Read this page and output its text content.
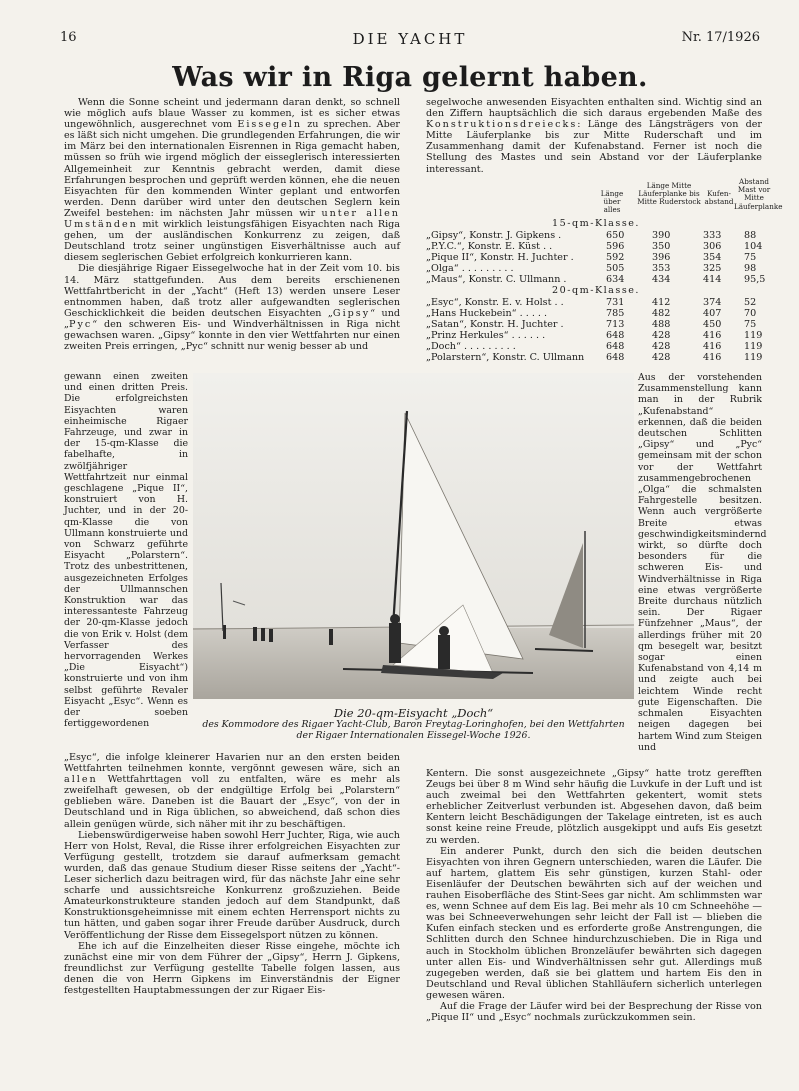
16	DIE YACHT	Nr. 17/1926
Was wir in Riga gelernt haben.

Wenn die Sonne scheint und jedermann daran denkt, so schnell wie möglich aufs blaue Wasser zu kommen, ist es sicher etwas ungewöhnlich, ausgerechnet vom Eissegeln zu sprechen. Aber es läßt sich nicht umgehen. Die grundlegenden Erfahrungen, die wir im März bei den internationalen Eisrennen in Riga gemacht haben, müssen so früh wie irgend möglich der eisseglerisch interessierten Allgemeinheit zur Kenntnis gebracht werden, damit diese Erfahrungen besprochen und geprüft werden können, ehe die neuen Eisyachten für den kommenden Winter geplant und entworfen werden. Denn darüber wird unter den deutschen Seglern kein Zweifel bestehen: im nächsten Jahr müssen wir unter allen Umständen mit wirklich leistungsfähigen Eisyachten nach Riga gehen, um der ausländischen Konkurrenz zu zeigen, daß Deutschland trotz seiner ungünstigen Eisverhältnisse auch auf diesem seglerischen Gebiet erfolgreich konkurrieren kann.

Die diesjährige Rigaer Eissegelwoche hat in der Zeit vom 10. bis 14. März stattgefunden. Aus dem bereits erschienenen Wettfahrtbericht in der „Yacht“ (Heft 13) werden unsere Leser entnommen haben, daß trotz aller aufgewandten seglerischen Geschicklichkeit die beiden deutschen Eisyachten „Gipsy“ und „Pyc“ den schweren Eis- und Windverhältnissen in Riga nicht gewachsen waren. „Gipsy“ konnte in den vier Wettfahrten nur einen zweiten Preis erringen, „Pyc“ schnitt nur wenig besser ab und

gewann einen zweiten und einen dritten Preis. Die erfolgreichsten Eisyachten waren einheimische Rigaer Fahrzeuge, und zwar in der 15-qm-Klasse die fabelhafte, in zwölfjähriger Wettfahrtzeit nur einmal geschlagene „Pique II“, konstruiert von H. Juchter, und in der 20-qm-Klasse die von Ullmann konstruierte und von Schwarz geführte Eisyacht „Polarstern“. Trotz des unbestrittenen, ausgezeichneten Erfolges der Ullmannschen Konstruktion war das interessanteste Fahrzeug der 20-qm-Klasse jedoch die von Erik v. Holst (dem Verfasser des hervorragenden Werkes „Die Eisyacht“) konstruierte und von ihm selbst geführte Revaler Eisyacht „Esyc“. Wenn es der soeben fertiggewordenen

segelwoche anwesenden Eisyachten enthalten sind. Wichtig sind an den Ziffern hauptsächlich die sich daraus ergebenden Maße des Konstruktionsdreiecks: Länge des Längsträgers von der Mitte Läuferplanke bis zur Mitte Ruderschaft und im Zusammenhang damit der Kufenabstand. Ferner ist noch die Stellung des Mastes und sein Abstand vor der Läuferplanke interessant.

Länge über alles
Länge Mitte Läuferplanke bis Mitte Ruderstock
Kufen-abstand
Abstand Mast vor Mitte Läuferplanke
15-qm-Klasse.
„Gipsy“, Konstr. J. Gipkens .	650	390	333 88
„P.Y.C.“, Konstr. E. Küst . .	596	350	306 104
„Pique II“, Konstr. H. Juchter .	592	396	354 75
„Olga“ . . . . . . . . .	505	353	325 98
„Maus“, Konstr. C. Ullmann .	634	434	414 95,5
20-qm-Klasse.
„Esyc“, Konstr. E. v. Holst . .	731	412	374 52
„Hans Huckebein“ . . . . .	785	482	407 70
„Satan“, Konstr. H. Juchter .	713	488	450 75
„Prinz Herkules“ . . . . . .	648	428	416 119
„Doch“ . . . . . . . . .	648	428	416 119
„Polarstern“, Konstr. C. Ullmann 648	428	416 119

Aus der vorstehenden Zusammenstellung kann man in der Rubrik „Kufenabstand“ erkennen, daß die beiden deutschen Schlitten „Gipsy“ und „Pyc“ gemeinsam mit der schon vor der Wettfahrt zusammengebrochenen „Olga“ die schmalsten Fahrgestelle besitzen. Wenn auch vergrößerte Breite etwas geschwindigkeitsmindernd wirkt, so dürfte doch besonders für die schweren Eis- und Windverhältnisse in Riga eine etwas vergrößerte Breite durchaus nützlich sein. Der Rigaer Fünfzehner „Maus“, der allerdings früher mit 20 qm besegelt war, besitzt sogar einen Kufenabstand von 4,14 m und zeigte auch bei leichtem Winde recht gute Eigenschaften. Die schmalen Eisyachten neigen dagegen bei hartem Wind zum Steigen und

Die 20-qm-Eisyacht „Doch“
des Kommodore des Rigaer Yacht-Club, Baron Freytag-Loringhofen, bei den Wettfahrten der Rigaer Internationalen Eissegel-Woche 1926.

„Esyc“, die infolge kleinerer Havarien nur an den ersten beiden Wettfahrten teilnehmen konnte, vergönnt gewesen wäre, sich an allen Wettfahrttagen voll zu entfalten, wäre es mehr als zweifelhaft gewesen, ob der endgültige Erfolg bei „Polarstern“ geblieben wäre. Daneben ist die Bauart der „Esyc“, von der in Deutschland und in Riga üblichen, so abweichend, daß schon dies allein genügen würde, sich näher mit ihr zu beschäftigen.

Liebenswürdigerweise haben sowohl Herr Juchter, Riga, wie auch Herr von Holst, Reval, die Risse ihrer erfolgreichen Eisyachten zur Verfügung gestellt, trotzdem sie darauf aufmerksam gemacht wurden, daß das genaue Studium dieser Risse seitens der „Yacht“-Leser sicherlich dazu beitragen wird, für das nächste Jahr eine sehr scharfe und aussichtsreiche Konkurrenz großzuziehen. Beide Amateurkonstrukteure standen jedoch auf dem Standpunkt, daß Konstruktionsgeheimnisse mit einem echten Herrensport nichts zu tun hätten, und gaben sogar ihrer Freude darüber Ausdruck, durch Veröffentlichung der Risse dem Eissegelsport nützen zu können.

Ehe ich auf die Einzelheiten dieser Risse eingehe, möchte ich zunächst eine mir von dem Führer der „Gipsy“, Herrn J. Gipkens, freundlichst zur Verfügung gestellte Tabelle folgen lassen, aus denen die von Herrn Gipkens im Einverständnis der Eigner festgestellten Hauptabmessungen der zur Rigaer Eis-

Kentern. Die sonst ausgezeichnete „Gipsy“ hatte trotz gerefften Zeugs bei über 8 m Wind sehr häufig die Luvkufe in der Luft und ist auch zweimal bei den Wettfahrten gekentert, womit stets erheblicher Zeitverlust verbunden ist. Abgesehen davon, daß beim Kentern leicht Beschädigungen der Takelage eintreten, ist es auch sonst keine reine Freude, plötzlich ausgekippt und aufs Eis gesetzt zu werden.

Ein anderer Punkt, durch den sich die beiden deutschen Eisyachten von ihren Gegnern unterschieden, waren die Läufer. Die auf hartem, glattem Eis sehr günstigen, kurzen Stahl- oder Eisenläufer der Deutschen bewährten sich auf der weichen und rauhen Eisoberfläche des Stint-Sees gar nicht. Am schlimmsten war es, wenn Schnee auf dem Eis lag. Bei mehr als 10 cm Schneehöhe — was bei Schneeverwehungen sehr leicht der Fall ist — blieben die Kufen einfach stecken und es erforderte große Anstrengungen, die Schlitten durch den Schnee hindurchzuschieben. Die in Riga und auch in Stockholm üblichen Bronzeläufer bewährten sich dagegen unter allen Eis- und Windverhältnissen sehr gut. Allerdings muß zugegeben werden, daß sie bei glattem und hartem Eis den in Deutschland und Reval üblichen Stahlläufern sicherlich unterlegen gewesen wären.

Auf die Frage der Läufer wird bei der Besprechung der Risse von „Pique II“ und „Esyc“ nochmals zurückzukommen sein.
